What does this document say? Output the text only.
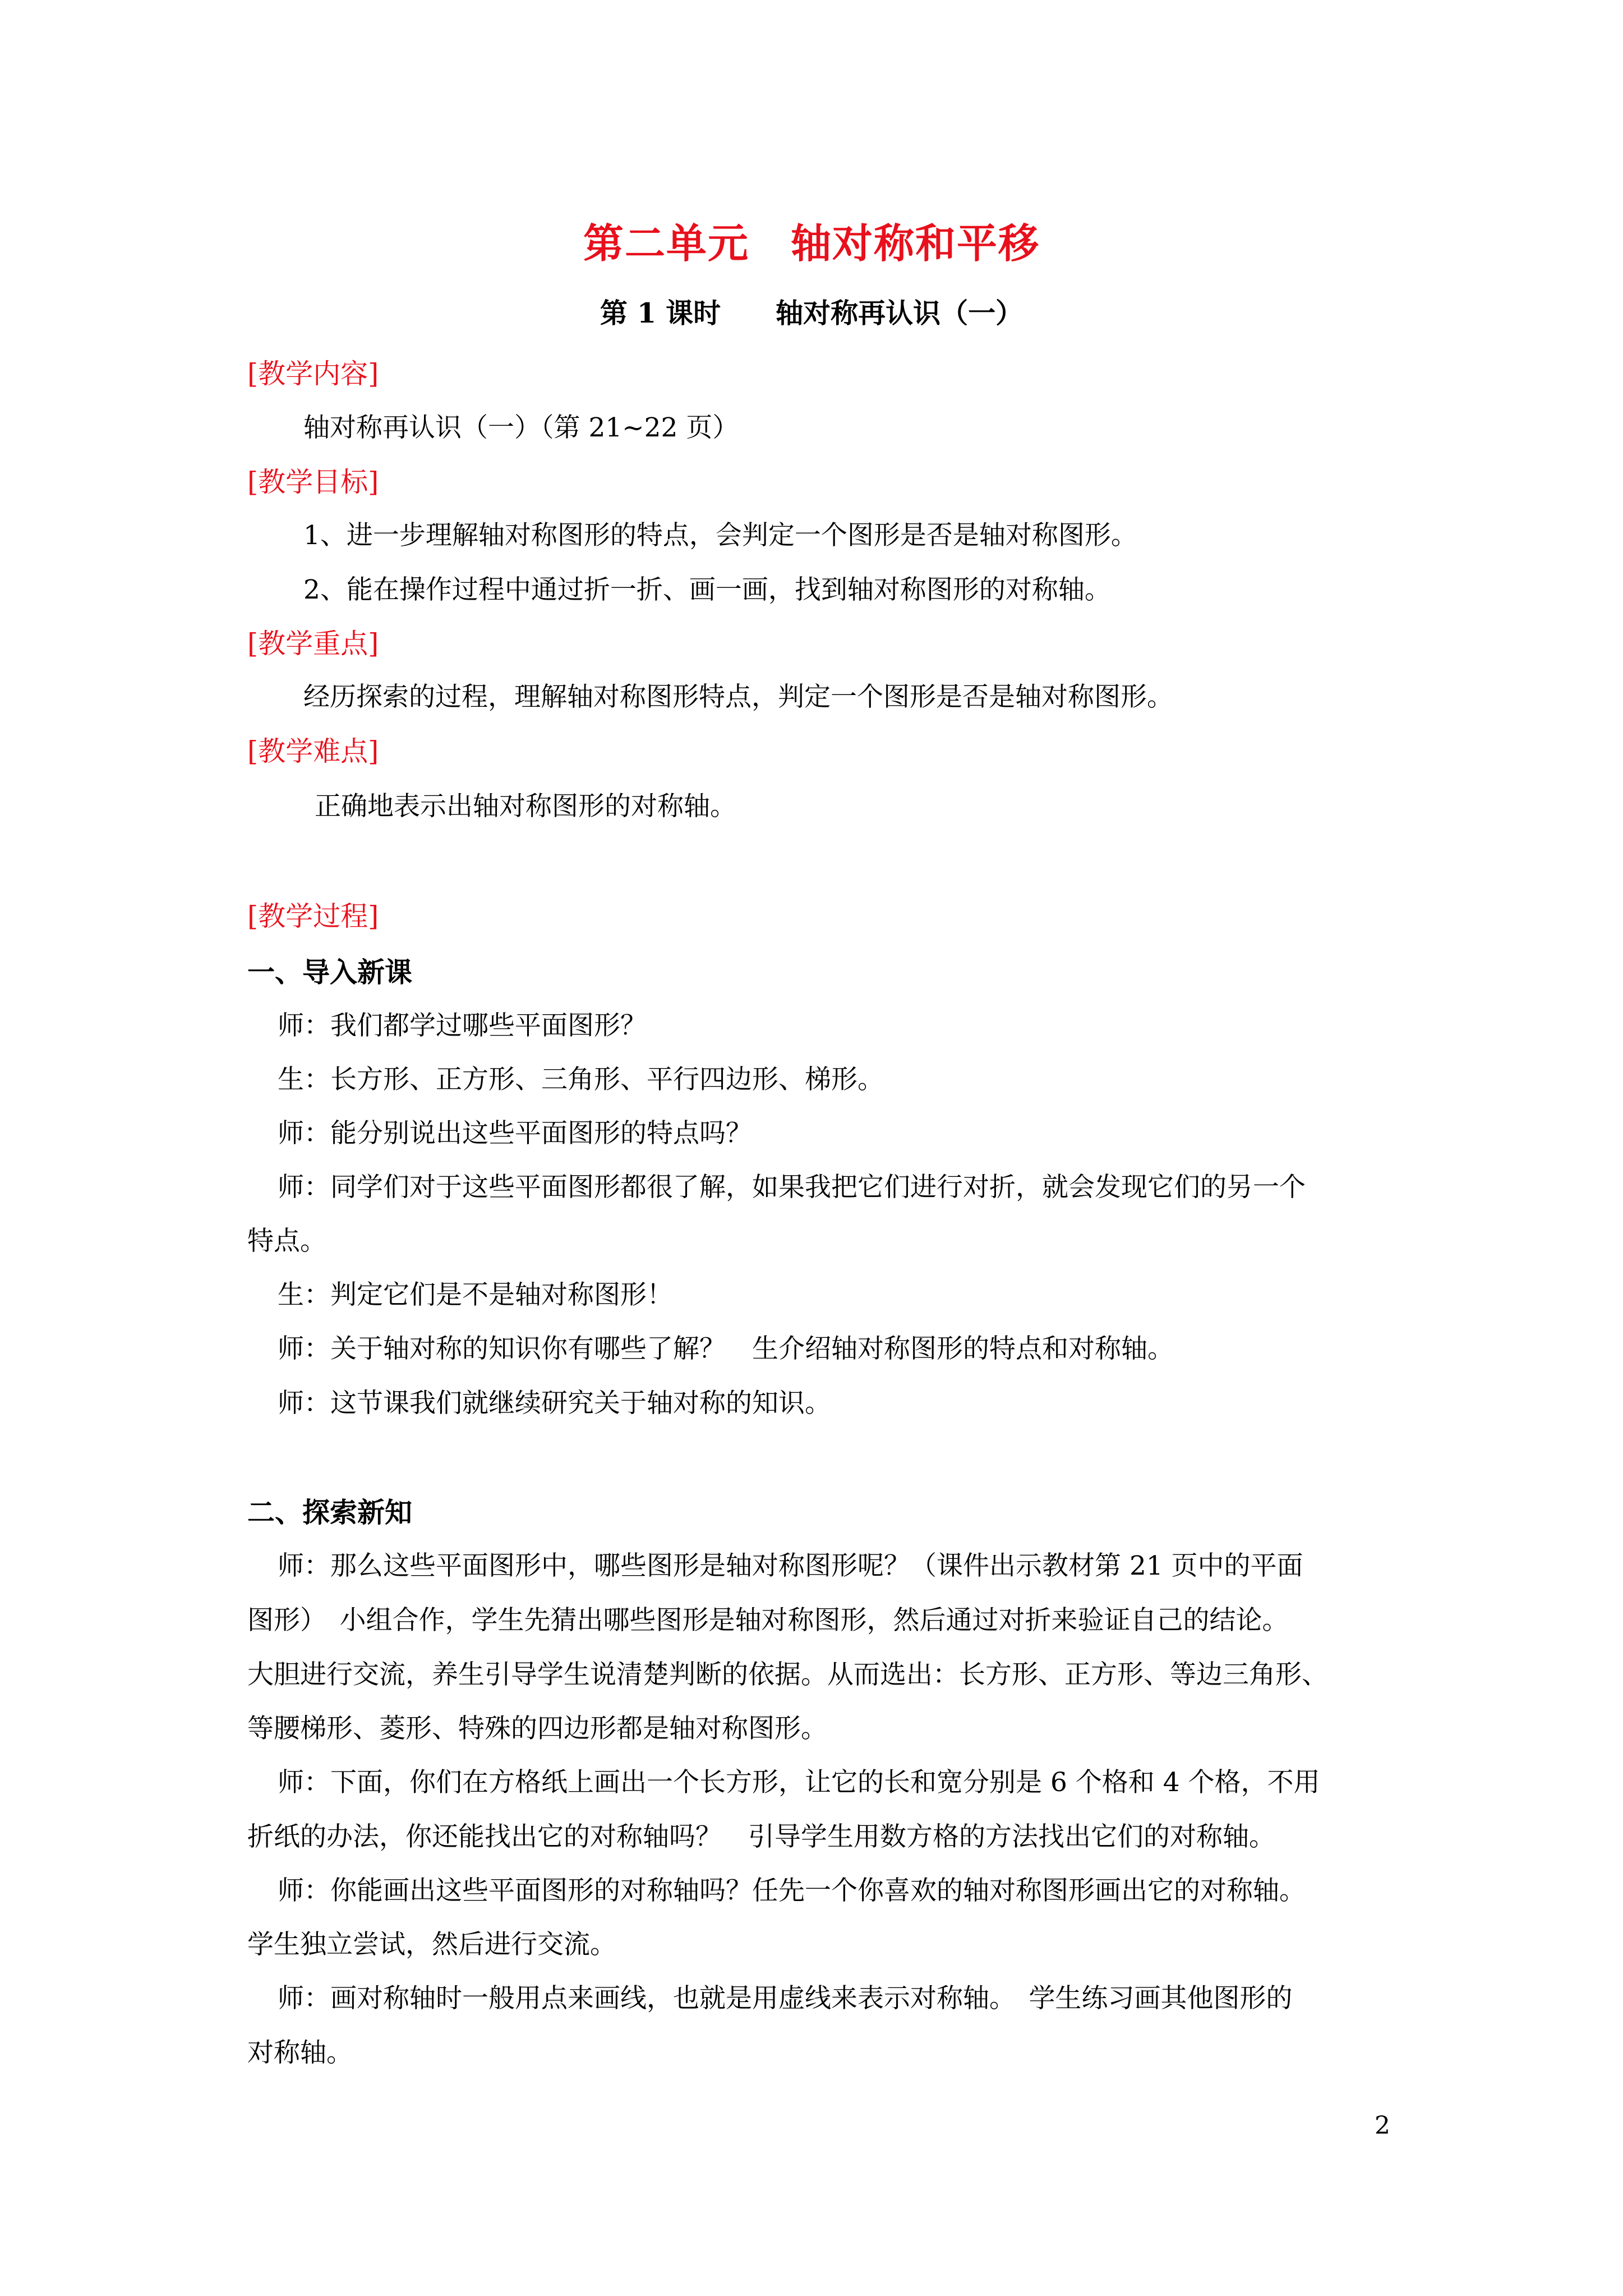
第二单元　轴对称和平移
第 1 课时　　轴对称再认识（一）
[教学内容]
轴对称再认识（一）（第 21~22 页）
[教学目标]
1、进一步理解轴对称图形的特点，会判定一个图形是否是轴对称图形。
2、能在操作过程中通过折一折、画一画，找到轴对称图形的对称轴。
[教学重点]
经历探索的过程，理解轴对称图形特点，判定一个图形是否是轴对称图形。
[教学难点]
正确地表示出轴对称图形的对称轴。
[教学过程]
一、导入新课
师：我们都学过哪些平面图形？
生：长方形、正方形、三角形、平行四边形、梯形。
师：能分别说出这些平面图形的特点吗？
师：同学们对于这些平面图形都很了解，如果我把它们进行对折，就会发现它们的另一个
特点。
生：判定它们是不是轴对称图形！
师：关于轴对称的知识你有哪些了解？　生介绍轴对称图形的特点和对称轴。
师：这节课我们就继续研究关于轴对称的知识。
二、探索新知
师：那么这些平面图形中，哪些图形是轴对称图形呢？（课件出示教材第 21 页中的平面
图形）　小组合作，学生先猜出哪些图形是轴对称图形，然后通过对折来验证自己的结论。
大胆进行交流，养生引导学生说清楚判断的依据。从而选出：长方形、正方形、等边三角形、
等腰梯形、菱形、特殊的四边形都是轴对称图形。
师：下面，你们在方格纸上画出一个长方形，让它的长和宽分别是 6 个格和 4 个格，不用
折纸的办法，你还能找出它的对称轴吗？　引导学生用数方格的方法找出它们的对称轴。
师：你能画出这些平面图形的对称轴吗？任先一个你喜欢的轴对称图形画出它的对称轴。
学生独立尝试，然后进行交流。
师：画对称轴时一般用点来画线，也就是用虚线来表示对称轴。　学生练习画其他图形的
对称轴。
2
